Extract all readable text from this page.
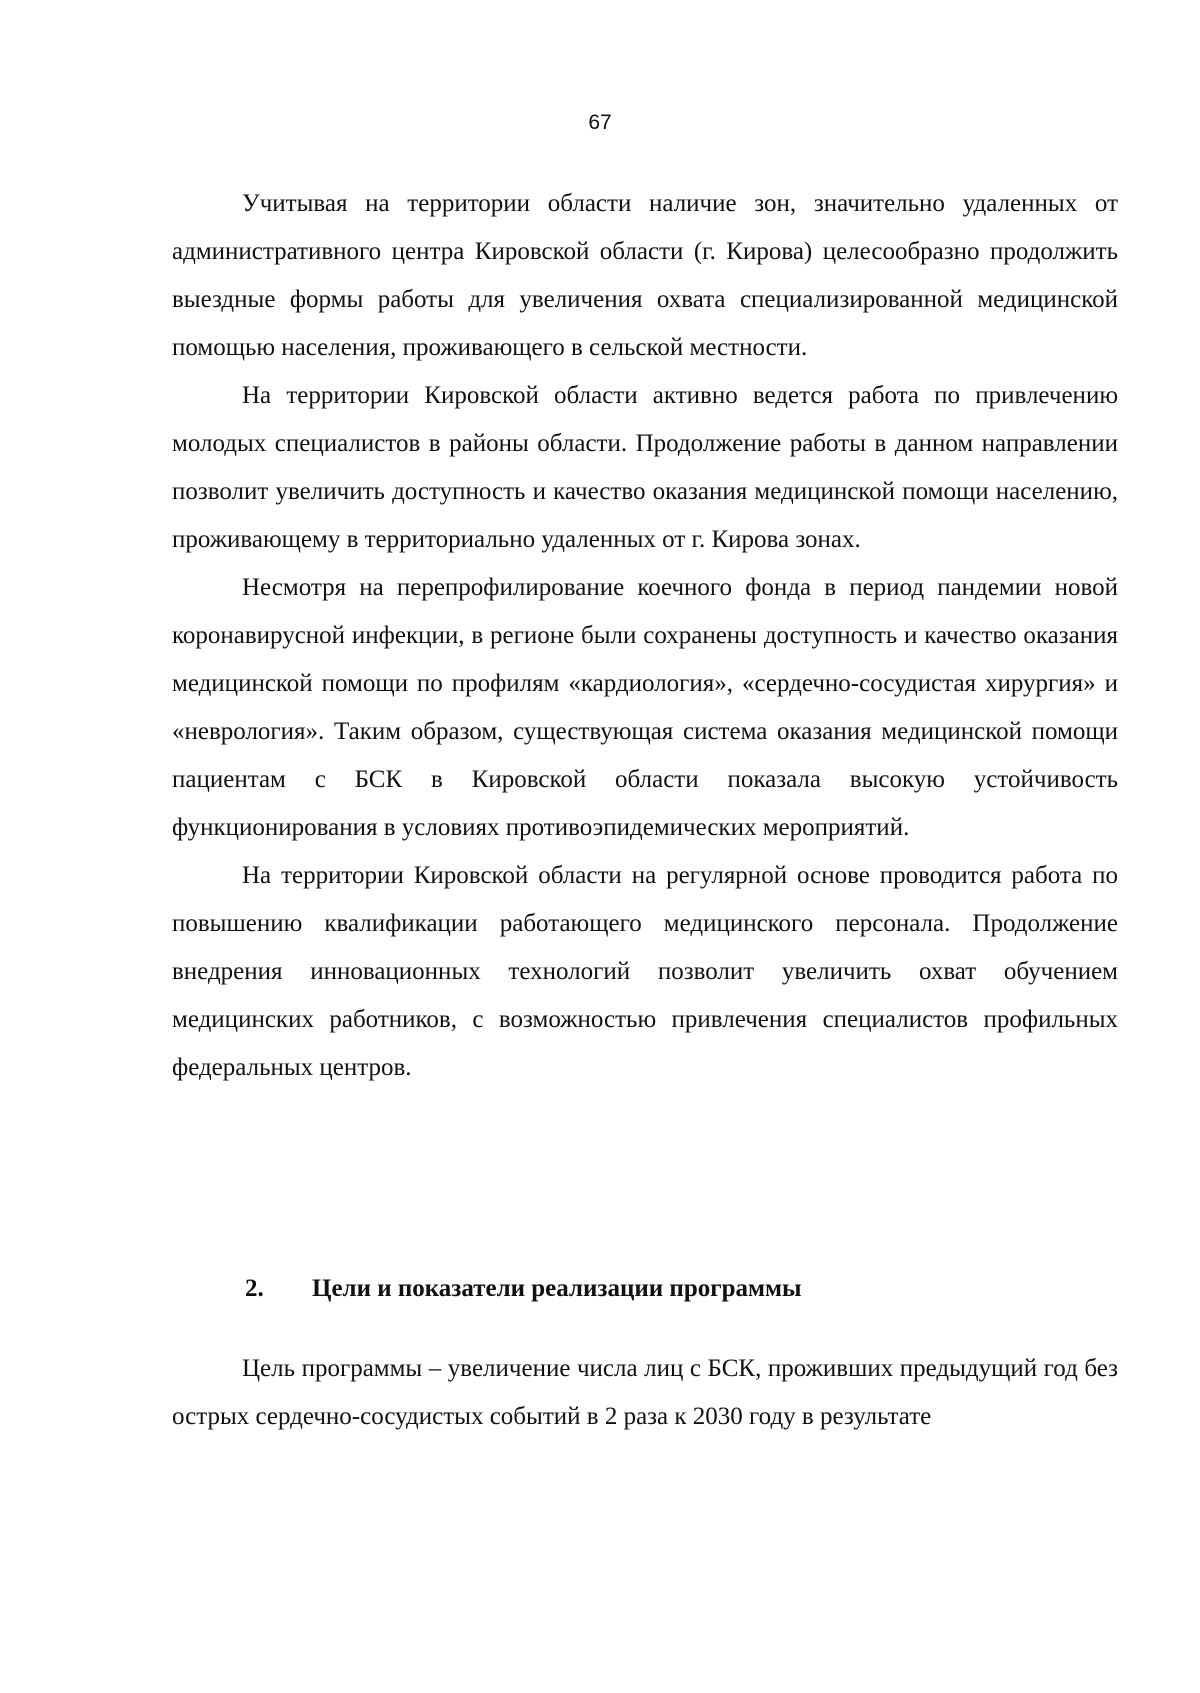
67

Учитывая на территории области наличие зон, значительно удаленных от административного центра Кировской области (г. Кирова) целесообразно продолжить выездные формы работы для увеличения охвата специализированной медицинской помощью населения, проживающего в сельской местности.

На территории Кировской области активно ведется работа по привлечению молодых специалистов в районы области. Продолжение работы в данном направлении позволит увеличить доступность и качество оказания медицинской помощи населению, проживающему в территориально удаленных от г. Кирова зонах.

Несмотря на перепрофилирование коечного фонда в период пандемии новой коронавирусной инфекции, в регионе были сохранены доступность и качество оказания медицинской помощи по профилям «кардиология», «сердечно-сосудистая хирургия» и «неврология». Таким образом, существующая система оказания медицинской помощи пациентам с БСК в Кировской области показала высокую устойчивость функционирования в условиях противоэпидемических мероприятий.

На территории Кировской области на регулярной основе проводится работа по повышению квалификации работающего медицинского персонала. Продолжение внедрения инновационных технологий позволит увеличить охват обучением медицинских работников, с возможностью привлечения специалистов профильных федеральных центров.

2. Цели и показатели реализации программы

Цель программы – увеличение числа лиц с БСК, проживших предыдущий год без острых сердечно-сосудистых событий в 2 раза к 2030 году в результате
